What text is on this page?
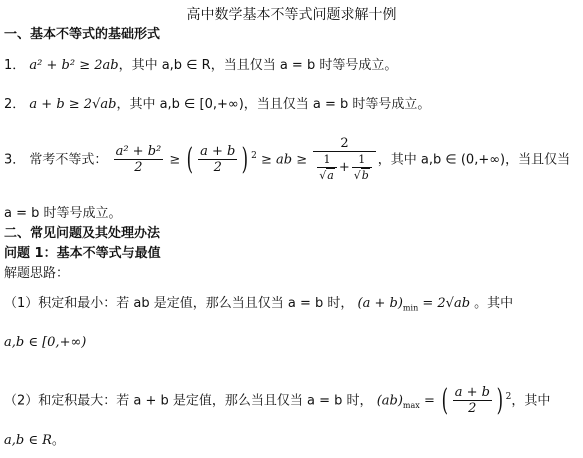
高中数学基本不等式问题求解十例
一、基本不等式的基础形式
1． a² + b² ≥ 2ab，其中 a,b ∈ R，当且仅当 a = b 时等号成立。
2． a + b ≥ 2√ab，其中 a,b ∈ [0,+∞)，当且仅当 a = b 时等号成立。
3． 常考不等式： $\frac{\text{a² + b²}}{2}$ ≥ ( $\frac{a + b}{2}$ ) $^2$ ≥ ab ≥ $\frac{2}{\frac{1}{√a} + \frac{1}{√b}}$ ，其中 a,b ∈ (0,+∞)，当且仅当
a = b 时等号成立。
二、常见问题及其处理办法
问题 1：基本不等式与最值
解题思路：
（1）积定和最小：若 ab 是定值，那么当且仅当 a = b 时， $(a + b)_{min} = 2√ab$ 。其中
a,b ∈ [0,+∞)
（2）和定积最大：若 a + b 是定值，那么当且仅当 a = b 时， $(ab)_{max}$ = ( $\frac{a + b}{2}$ ) $^2$，其中
a,b ∈ R。
